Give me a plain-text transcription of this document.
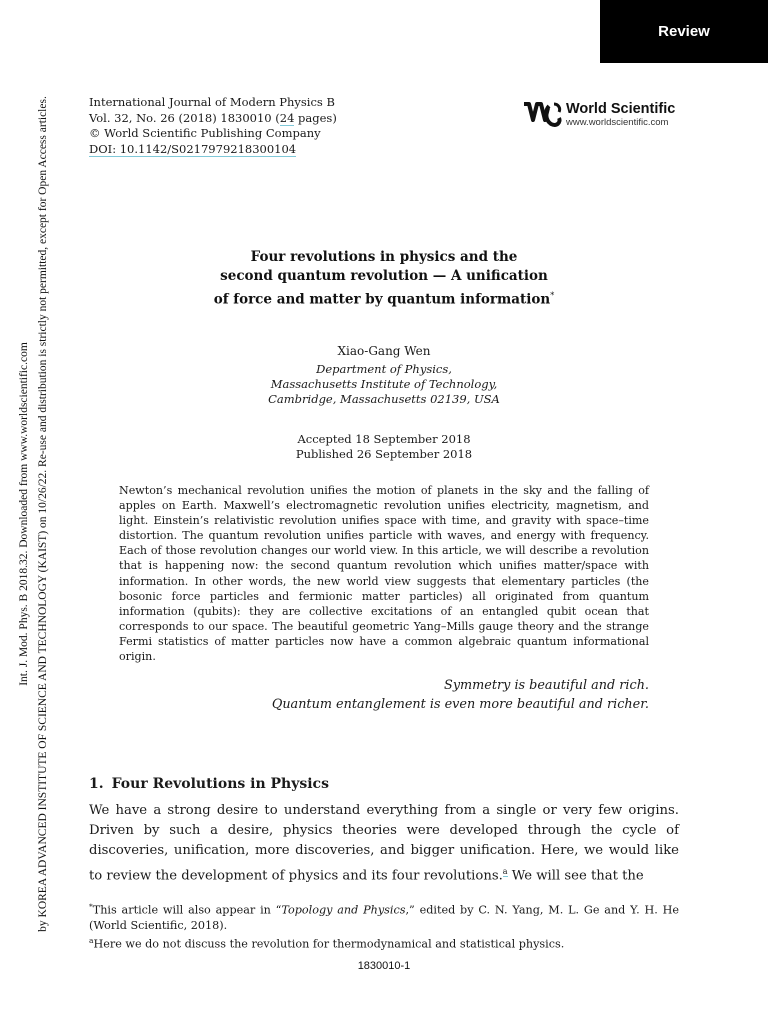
Review
Int. J. Mod. Phys. B 2018.32. Downloaded from www.worldscientific.com by KOREA ADVANCED INSTITUTE OF SCIENCE AND TECHNOLOGY (KAIST) on 10/26/22. Re-use and distribution is strictly not permitted, except for Open Access articles.	International Journal of Modern Physics B
Vol. 32, No. 26 (2018) 1830010 (24 pages)
© World Scientific Publishing Company
DOI: 10.1142/S0217979218300104
World Scientific
www.worldscientific.com
Four revolutions in physics and the
second quantum revolution — A unification
of force and matter by quantum information*
Xiao-Gang Wen
Department of Physics,
Massachusetts Institute of Technology,
Cambridge, Massachusetts 02139, USA
Accepted 18 September 2018
Published 26 September 2018
Newton’s mechanical revolution unifies the motion of planets in the sky and the falling of apples on Earth. Maxwell’s electromagnetic revolution unifies electricity, magnetism, and light. Einstein’s relativistic revolution unifies space with time, and gravity with space–time distortion. The quantum revolution unifies particle with waves, and energy with frequency. Each of those revolution changes our world view. In this article, we will describe a revolution that is happening now: the second quantum revolution which unifies matter/space with information. In other words, the new world view suggests that elementary particles (the bosonic force particles and fermionic matter particles) all originated from quantum information (qubits): they are collective excitations of an entangled qubit ocean that corresponds to our space. The beautiful geometric Yang–Mills gauge theory and the strange Fermi statistics of matter particles now have a common algebraic quantum informational origin.
Symmetry is beautiful and rich.
Quantum entanglement is even more beautiful and richer.
1. Four Revolutions in Physics
We have a strong desire to understand everything from a single or very few origins. Driven by such a desire, physics theories were developed through the cycle of discoveries, unification, more discoveries, and bigger unification. Here, we would like to review the development of physics and its four revolutions.$^a$ We will see that the
*This article will also appear in “Topology and Physics,” edited by C. N. Yang, M. L. Ge and Y. H. He (World Scientific, 2018).
$^a$Here we do not discuss the revolution for thermodynamical and statistical physics.
1830010-1
